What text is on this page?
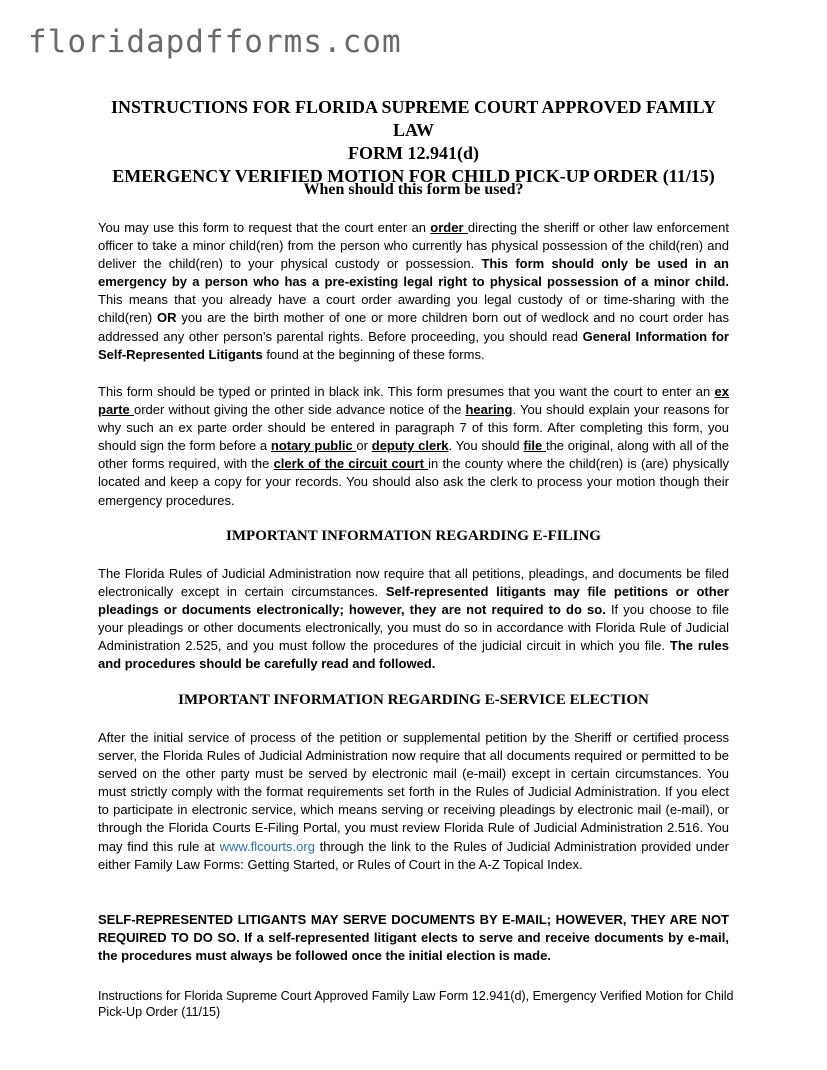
floridapdfforms.com
INSTRUCTIONS FOR FLORIDA SUPREME COURT APPROVED FAMILY LAW
FORM 12.941(d)
EMERGENCY VERIFIED MOTION FOR CHILD PICK-UP ORDER (11/15)
When should this form be used?
You may use this form to request that the court enter an order directing the sheriff or other law enforcement officer to take a minor child(ren) from the person who currently has physical possession of the child(ren) and deliver the child(ren) to your physical custody or possession. This form should only be used in an emergency by a person who has a pre-existing legal right to physical possession of a minor child. This means that you already have a court order awarding you legal custody of or time-sharing with the child(ren) OR you are the birth mother of one or more children born out of wedlock and no court order has addressed any other person’s parental rights. Before proceeding, you should read General Information for Self-Represented Litigants found at the beginning of these forms.
This form should be typed or printed in black ink. This form presumes that you want the court to enter an ex parte order without giving the other side advance notice of the hearing. You should explain your reasons for why such an ex parte order should be entered in paragraph 7 of this form. After completing this form, you should sign the form before a notary public or deputy clerk. You should file the original, along with all of the other forms required, with the clerk of the circuit court in the county where the child(ren) is (are) physically located and keep a copy for your records. You should also ask the clerk to process your motion though their emergency procedures.
IMPORTANT INFORMATION REGARDING E-FILING
The Florida Rules of Judicial Administration now require that all petitions, pleadings, and documents be filed electronically except in certain circumstances. Self-represented litigants may file petitions or other pleadings or documents electronically; however, they are not required to do so. If you choose to file your pleadings or other documents electronically, you must do so in accordance with Florida Rule of Judicial Administration 2.525, and you must follow the procedures of the judicial circuit in which you file. The rules and procedures should be carefully read and followed.
IMPORTANT INFORMATION REGARDING E-SERVICE ELECTION
After the initial service of process of the petition or supplemental petition by the Sheriff or certified process server, the Florida Rules of Judicial Administration now require that all documents required or permitted to be served on the other party must be served by electronic mail (e-mail) except in certain circumstances. You must strictly comply with the format requirements set forth in the Rules of Judicial Administration. If you elect to participate in electronic service, which means serving or receiving pleadings by electronic mail (e-mail), or through the Florida Courts E-Filing Portal, you must review Florida Rule of Judicial Administration 2.516. You may find this rule at www.flcourts.org through the link to the Rules of Judicial Administration provided under either Family Law Forms: Getting Started, or Rules of Court in the A-Z Topical Index.
SELF-REPRESENTED LITIGANTS MAY SERVE DOCUMENTS BY E-MAIL; HOWEVER, THEY ARE NOT REQUIRED TO DO SO. If a self-represented litigant elects to serve and receive documents by e-mail, the procedures must always be followed once the initial election is made.
Instructions for Florida Supreme Court Approved Family Law Form 12.941(d), Emergency Verified Motion for Child Pick-Up Order (11/15)
